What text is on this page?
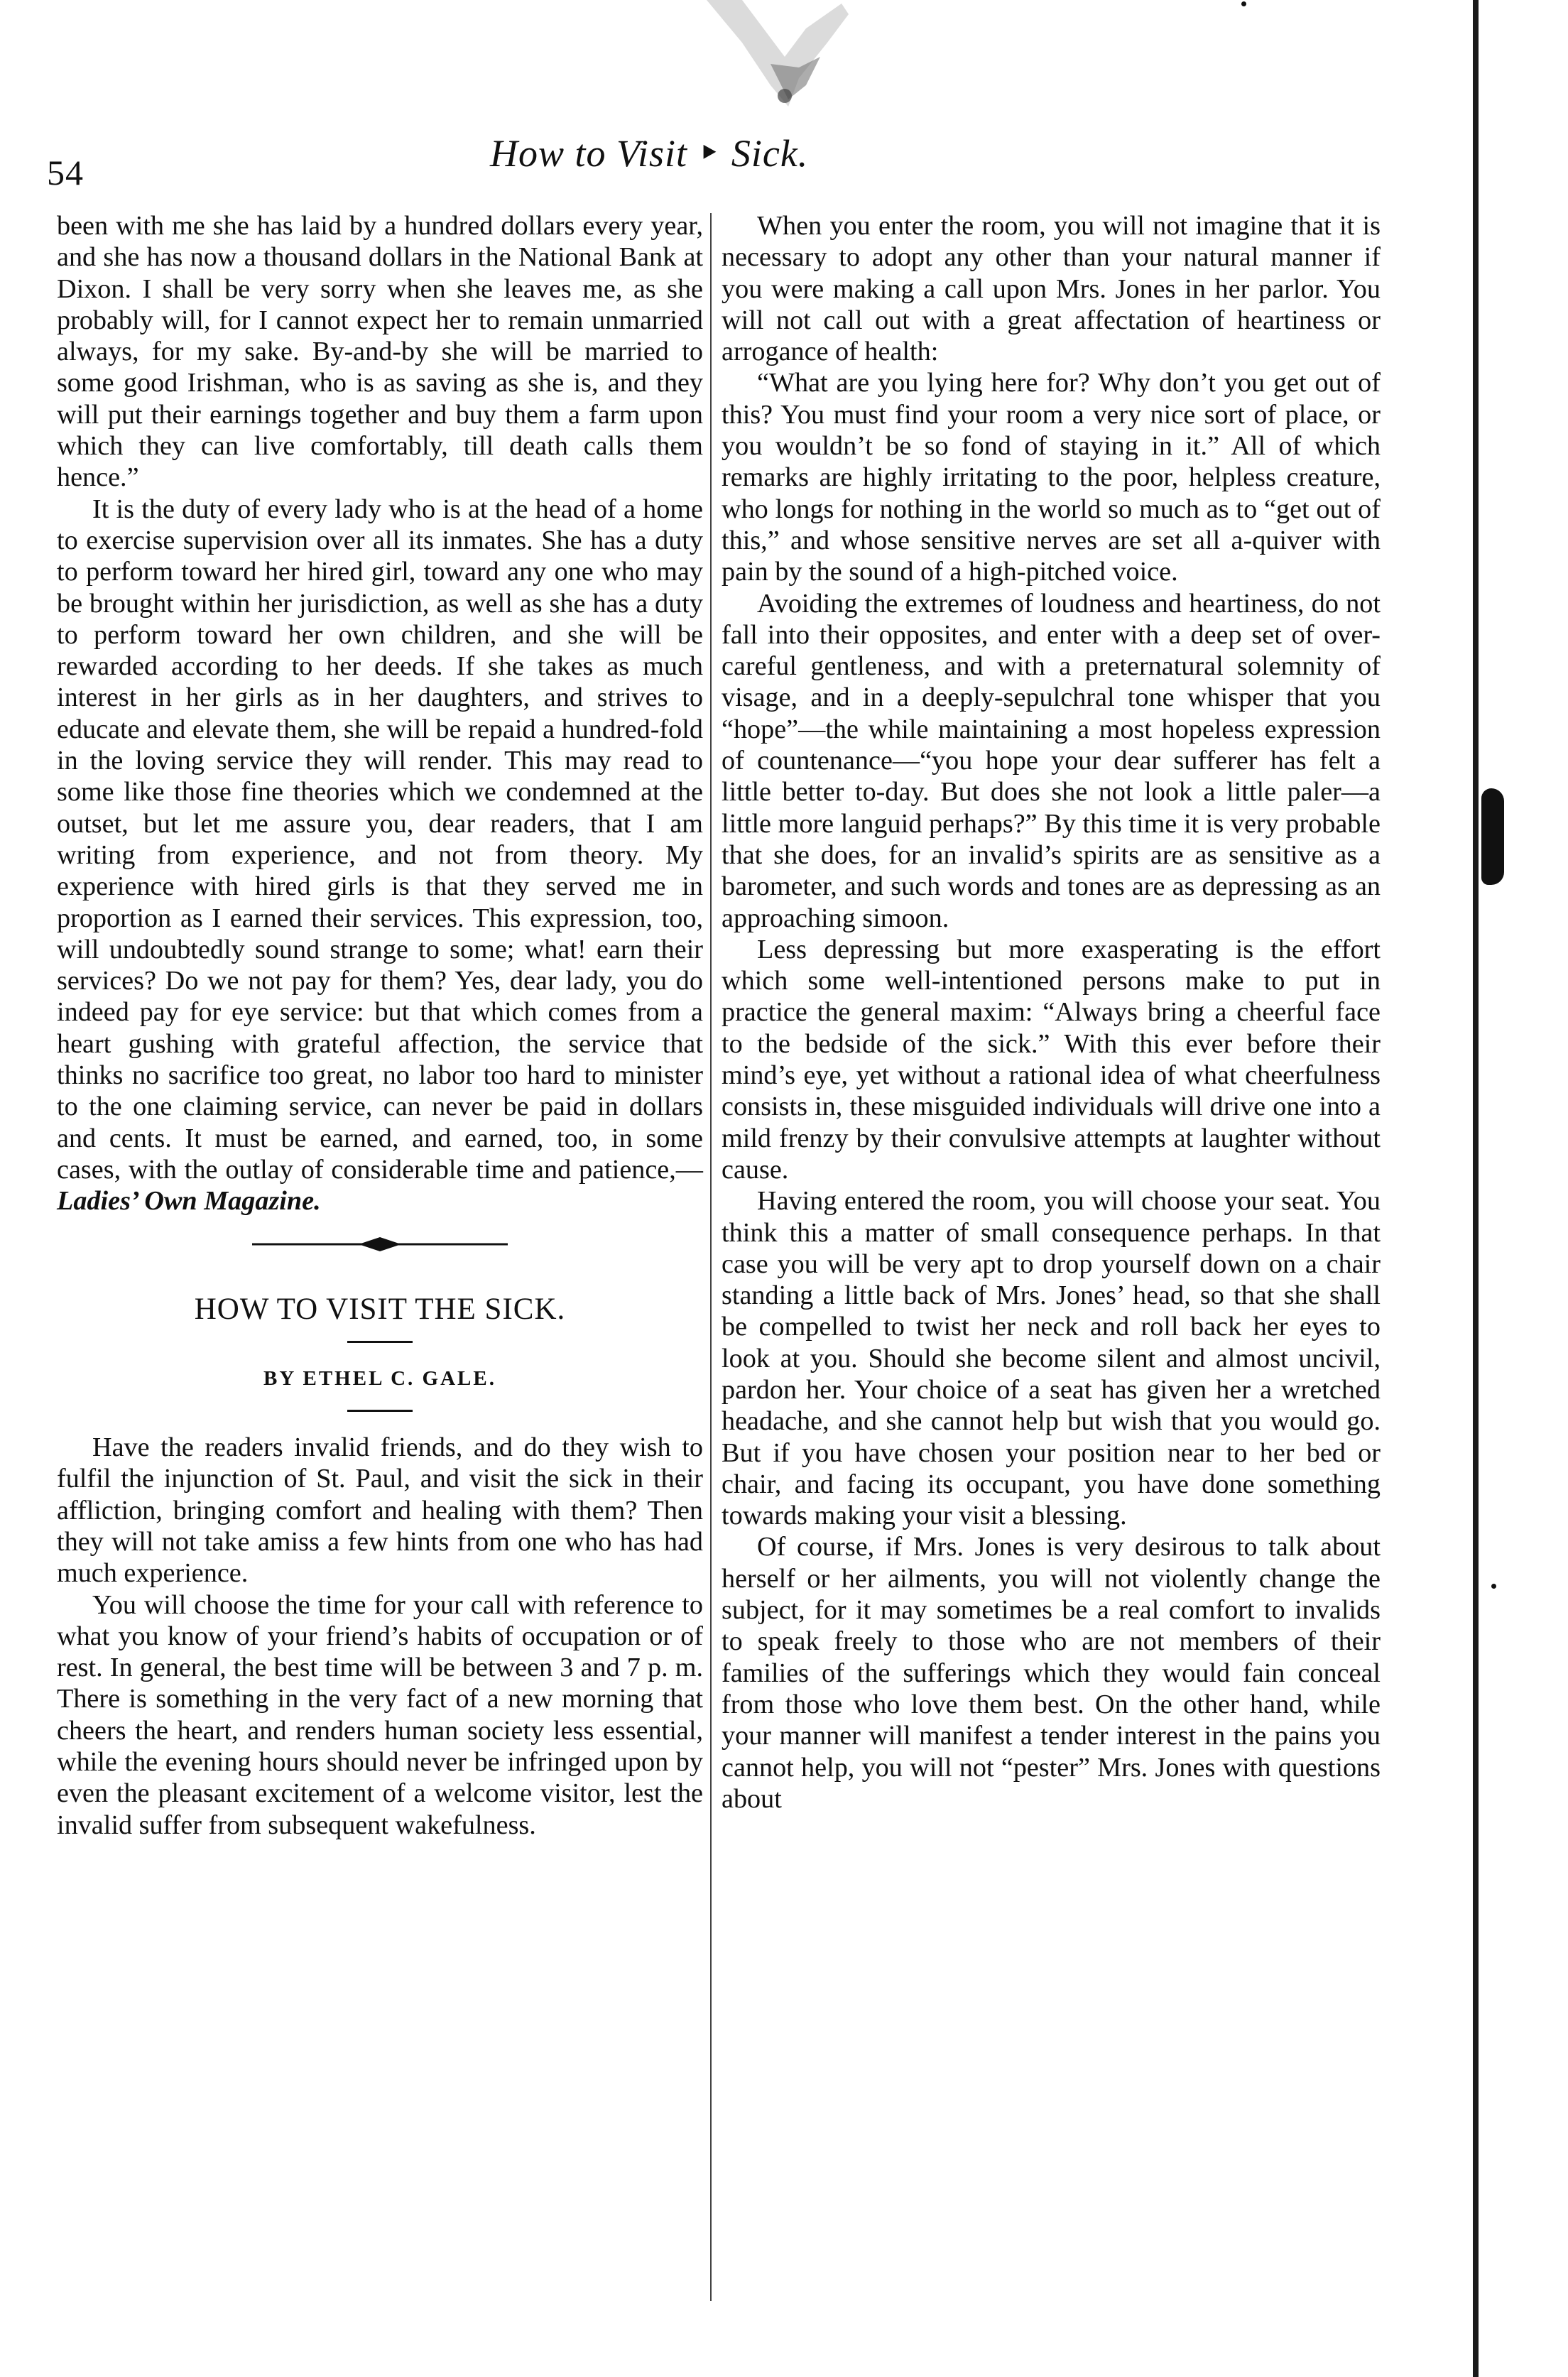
54	How to Visit ‣ Sick.

been with me she has laid by a hundred dollars every year, and she has now a thousand dollars in the National Bank at Dixon. I shall be very sorry when she leaves me, as she probably will, for I cannot expect her to remain unmarried always, for my sake. By-and-by she will be married to some good Irishman, who is as saving as she is, and they will put their earnings together and buy them a farm upon which they can live comfortably, till death calls them hence.”

It is the duty of every lady who is at the head of a home to exercise supervision over all its inmates. She has a duty to perform toward her hired girl, toward any one who may be brought within her jurisdiction, as well as she has a duty to perform toward her own children, and she will be rewarded according to her deeds. If she takes as much interest in her girls as in her daughters, and strives to educate and elevate them, she will be repaid a hundred-fold in the loving service they will render. This may read to some like those fine theories which we condemned at the outset, but let me assure you, dear readers, that I am writing from experience, and not from theory. My experience with hired girls is that they served me in proportion as I earned their services. This expression, too, will undoubtedly sound strange to some; what! earn their services? Do we not pay for them? Yes, dear lady, you do indeed pay for eye service: but that which comes from a heart gushing with grateful affection, the service that thinks no sacrifice too great, no labor too hard to minister to the one claiming service, can never be paid in dollars and cents. It must be earned, and earned, too, in some cases, with the outlay of considerable time and patience,—Ladies’ Own Magazine.

HOW TO VISIT THE SICK.
BY ETHEL C. GALE.

Have the readers invalid friends, and do they wish to fulfil the injunction of St. Paul, and visit the sick in their affliction, bringing comfort and healing with them? Then they will not take amiss a few hints from one who has had much experience.

You will choose the time for your call with reference to what you know of your friend’s habits of occupation or of rest. In general, the best time will be between 3 and 7 p. m. There is something in the very fact of a new morning that cheers the heart, and renders human society less essential, while the evening hours should never be infringed upon by even the pleasant excitement of a welcome visitor, lest the invalid suffer from subsequent wakefulness.

When you enter the room, you will not imagine that it is necessary to adopt any other than your natural manner if you were making a call upon Mrs. Jones in her parlor. You will not call out with a great affectation of heartiness or arrogance of health:

“What are you lying here for? Why don’t you get out of this? You must find your room a very nice sort of place, or you wouldn’t be so fond of staying in it.” All of which remarks are highly irritating to the poor, helpless creature, who longs for nothing in the world so much as to “get out of this,” and whose sensitive nerves are set all a-quiver with pain by the sound of a high-pitched voice.

Avoiding the extremes of loudness and heartiness, do not fall into their opposites, and enter with a deep set of over-careful gentleness, and with a preternatural solemnity of visage, and in a deeply-sepulchral tone whisper that you “hope”—the while maintaining a most hopeless expression of countenance—“you hope your dear sufferer has felt a little better to-day. But does she not look a little paler—a little more languid perhaps?” By this time it is very probable that she does, for an invalid’s spirits are as sensitive as a barometer, and such words and tones are as depressing as an approaching simoon.

Less depressing but more exasperating is the effort which some well-intentioned persons make to put in practice the general maxim: “Always bring a cheerful face to the bedside of the sick.” With this ever before their mind’s eye, yet without a rational idea of what cheerfulness consists in, these misguided individuals will drive one into a mild frenzy by their convulsive attempts at laughter without cause.

Having entered the room, you will choose your seat. You think this a matter of small consequence perhaps. In that case you will be very apt to drop yourself down on a chair standing a little back of Mrs. Jones’ head, so that she shall be compelled to twist her neck and roll back her eyes to look at you. Should she become silent and almost uncivil, pardon her. Your choice of a seat has given her a wretched headache, and she cannot help but wish that you would go. But if you have chosen your position near to her bed or chair, and facing its occupant, you have done something towards making your visit a blessing.

Of course, if Mrs. Jones is very desirous to talk about herself or her ailments, you will not violently change the subject, for it may sometimes be a real comfort to invalids to speak freely to those who are not members of their families of the sufferings which they would fain conceal from those who love them best. On the other hand, while your manner will manifest a tender interest in the pains you cannot help, you will not “pester” Mrs. Jones with questions about
